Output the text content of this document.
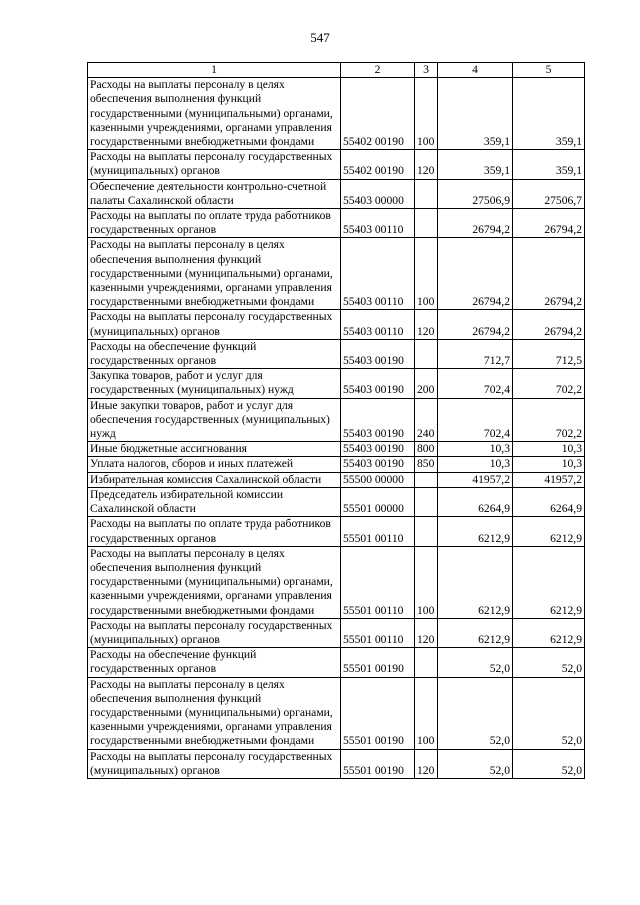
547
1	2	3	4	5
Расходы на выплаты персоналу в целях обеспечения выполнения функций государственными (муниципальными) органами, казенными учреждениями, органами управления государственными внебюджетными фондами	55402 00190	100	359,1	359,1
Расходы на выплаты персоналу государственных (муниципальных) органов	55402 00190	120	359,1	359,1
Обеспечение деятельности контрольно-счетной палаты Сахалинской области	55403 00000		27506,9	27506,7
Расходы на выплаты по оплате труда работников государственных органов	55403 00110		26794,2	26794,2
Расходы на выплаты персоналу в целях обеспечения выполнения функций государственными (муниципальными) органами, казенными учреждениями, органами управления государственными внебюджетными фондами	55403 00110	100	26794,2	26794,2
Расходы на выплаты персоналу государственных (муниципальных) органов	55403 00110	120	26794,2	26794,2
Расходы на обеспечение функций государственных органов	55403 00190		712,7	712,5
Закупка товаров, работ и услуг для государственных (муниципальных) нужд	55403 00190	200	702,4	702,2
Иные закупки товаров, работ и услуг для обеспечения государственных (муниципальных) нужд	55403 00190	240	702,4	702,2
Иные бюджетные ассигнования	55403 00190	800	10,3	10,3
Уплата налогов, сборов и иных платежей	55403 00190	850	10,3	10,3
Избирательная комиссия Сахалинской области	55500 00000		41957,2	41957,2
Председатель избирательной комиссии Сахалинской области	55501 00000		6264,9	6264,9
Расходы на выплаты по оплате труда работников государственных органов	55501 00110		6212,9	6212,9
Расходы на выплаты персоналу в целях обеспечения выполнения функций государственными (муниципальными) органами, казенными учреждениями, органами управления государственными внебюджетными фондами	55501 00110	100	6212,9	6212,9
Расходы на выплаты персоналу государственных (муниципальных) органов	55501 00110	120	6212,9	6212,9
Расходы на обеспечение функций государственных органов	55501 00190		52,0	52,0
Расходы на выплаты персоналу в целях обеспечения выполнения функций государственными (муниципальными) органами, казенными учреждениями, органами управления государственными внебюджетными фондами	55501 00190	100	52,0	52,0
Расходы на выплаты персоналу государственных (муниципальных) органов	55501 00190	120	52,0	52,0
